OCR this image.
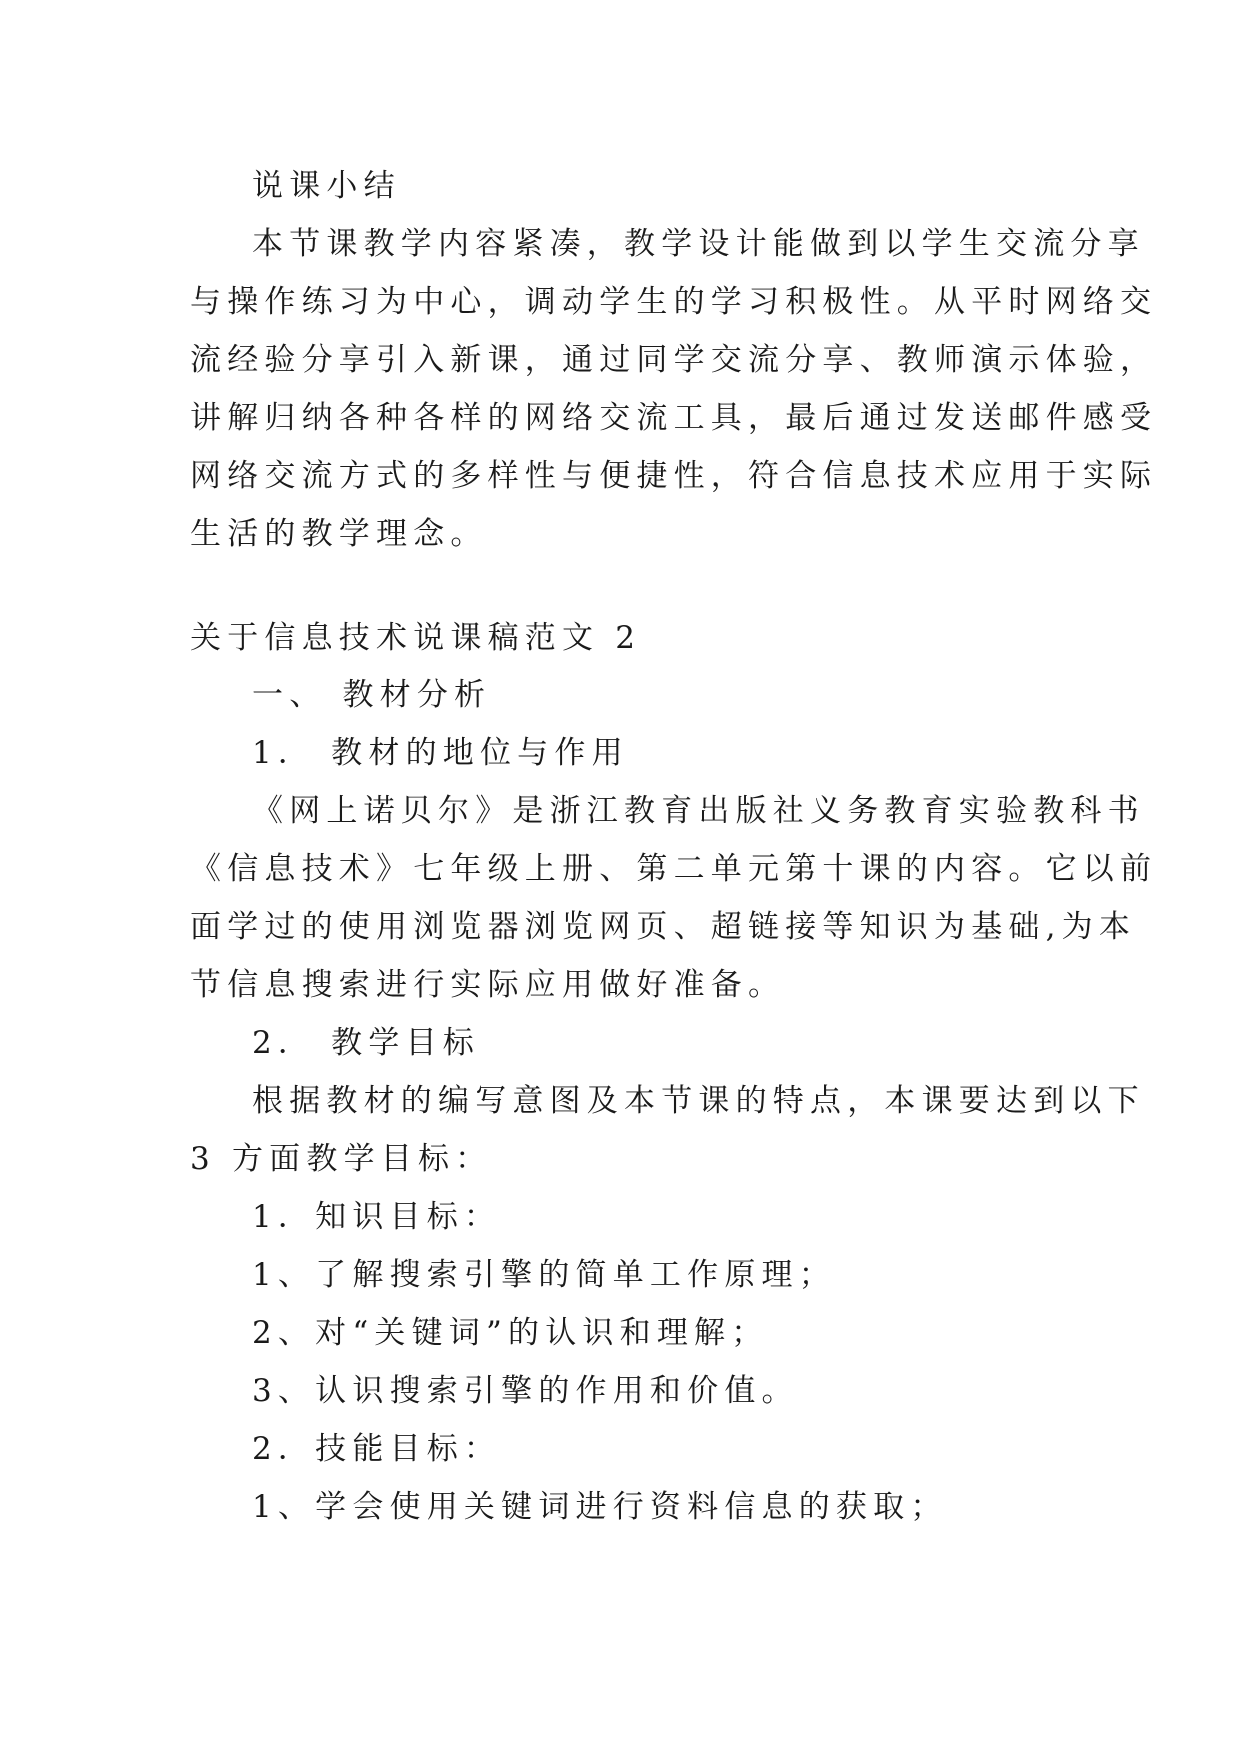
说课小结
本节课教学内容紧凑，教学设计能做到以学生交流分享
与操作练习为中心，调动学生的学习积极性。从平时网络交
流经验分享引入新课，通过同学交流分享、教师演示体验，
讲解归纳各种各样的网络交流工具，最后通过发送邮件感受
网络交流方式的多样性与便捷性，符合信息技术应用于实际
生活的教学理念。
关于信息技术说课稿范文 2
一、 教材分析
1． 教材的地位与作用
《网上诺贝尔》是浙江教育出版社义务教育实验教科书
《信息技术》七年级上册、第二单元第十课的内容。它以前
面学过的使用浏览器浏览网页、超链接等知识为基础,为本
节信息搜索进行实际应用做好准备。
2． 教学目标
根据教材的编写意图及本节课的特点，本课要达到以下
3 方面教学目标：
1．知识目标：
1、了解搜索引擎的简单工作原理；
2、对“关键词”的认识和理解；
3、认识搜索引擎的作用和价值。
2．技能目标：
1、学会使用关键词进行资料信息的获取；
